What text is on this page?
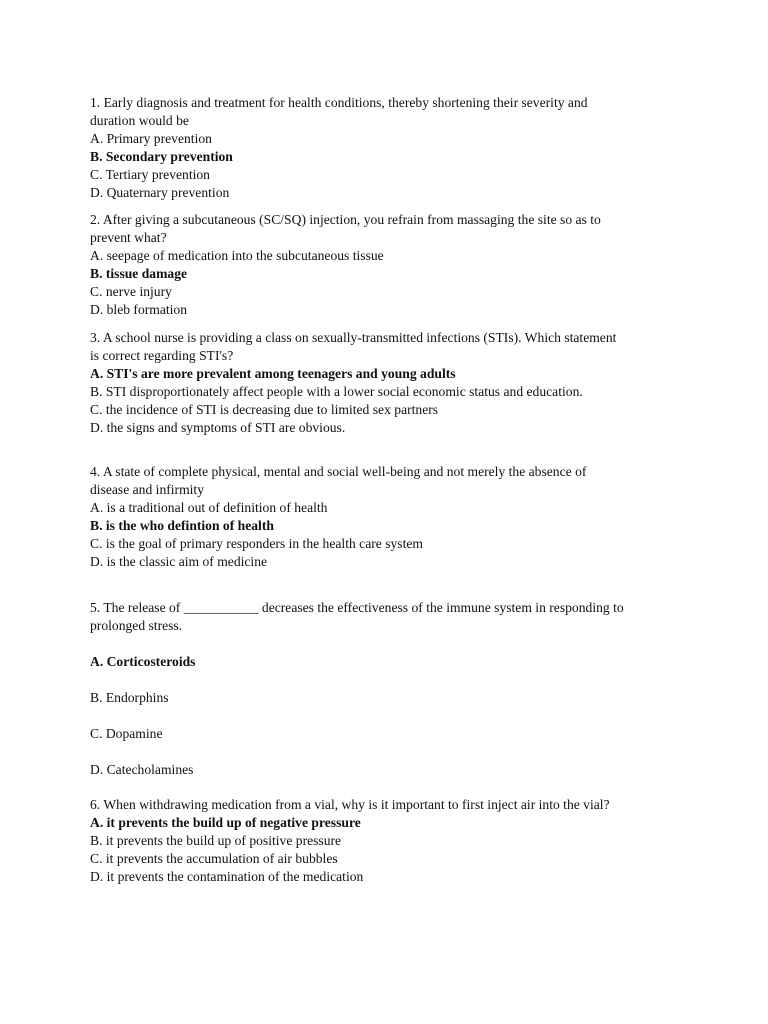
1. Early diagnosis and treatment for health conditions, thereby shortening their severity and
duration would be
A. Primary prevention
B. Secondary prevention
C. Tertiary prevention
D. Quaternary prevention
2. After giving a subcutaneous (SC/SQ) injection, you refrain from massaging the site so as to
prevent what?
A. seepage of medication into the subcutaneous tissue
B. tissue damage
C. nerve injury
D. bleb formation
3. A school nurse is providing a class on sexually-transmitted infections (STIs). Which statement
is correct regarding STI's?
A. STI's are more prevalent among teenagers and young adults
B. STI disproportionately affect people with a lower social economic status and education.
C. the incidence of STI is decreasing due to limited sex partners
D. the signs and symptoms of STI are obvious.
4. A state of complete physical, mental and social well-being and not merely the absence of
disease and infirmity
A. is a traditional out of definition of health
B. is the who defintion of health
C. is the goal of primary responders in the health care system
D. is the classic aim of medicine
5. The release of ___________ decreases the effectiveness of the immune system in responding to
prolonged stress.
A. Corticosteroids
B. Endorphins
C. Dopamine
D. Catecholamines
6. When withdrawing medication from a vial, why is it important to first inject air into the vial?
A. it prevents the build up of negative pressure
B. it prevents the build up of positive pressure
C. it prevents the accumulation of air bubbles
D. it prevents the contamination of the medication
